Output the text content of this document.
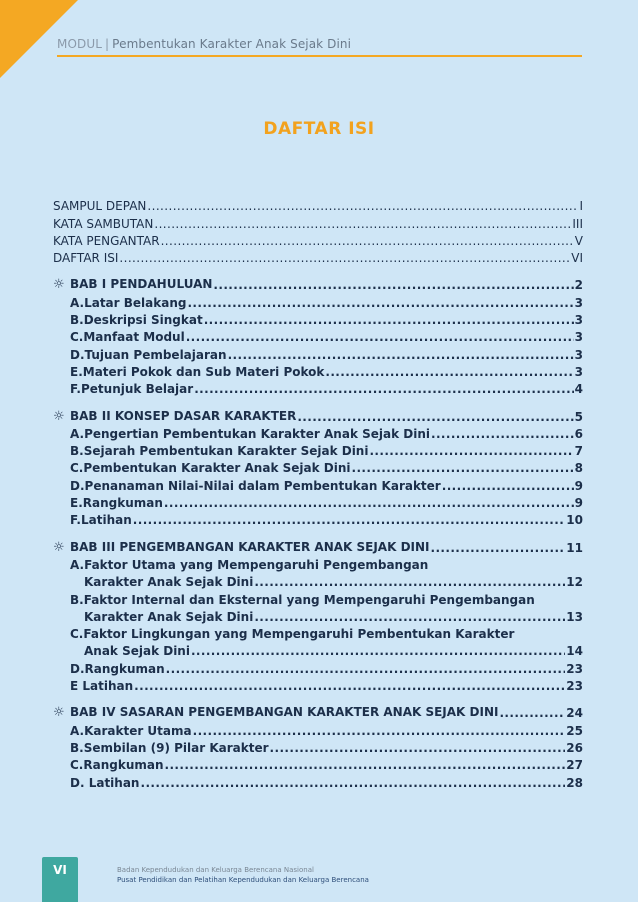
MODUL | Pembentukan Karakter Anak Sejak Dini
DAFTAR ISI
SAMPUL DEPAN .....	I
KATA SAMBUTAN .....	III
KATA PENGANTAR .....	V
DAFTAR ISI .....	VI
☼ BAB I PENDAHULUAN .....	2
A.Latar Belakang .....	3
B.Deskripsi Singkat .....	3
C.Manfaat Modul .....	3
D.Tujuan Pembelajaran .....	3
E.Materi Pokok dan Sub Materi Pokok .....	3
F.Petunjuk Belajar .....	4
☼ BAB II KONSEP DASAR KARAKTER .....	5
A.Pengertian Pembentukan Karakter Anak Sejak Dini .....	6
B.Sejarah Pembentukan Karakter Sejak Dini .....	7
C.Pembentukan Karakter Anak Sejak Dini .....	8
D.Penanaman Nilai-Nilai dalam Pembentukan Karakter .....	9
E.Rangkuman .....	9
F.Latihan .....	10
☼ BAB III PENGEMBANGAN KARAKTER ANAK SEJAK DINI .....	11
A.Faktor Utama yang Mempengaruhi Pengembangan
Karakter Anak Sejak Dini .....	12
B.Faktor Internal dan Eksternal yang Mempengaruhi Pengembangan
Karakter Anak Sejak Dini .....	13
C.Faktor Lingkungan yang Mempengaruhi Pembentukan Karakter
Anak Sejak Dini .....	14
D.Rangkuman .....	23
E Latihan .....	23
☼ BAB IV SASARAN PENGEMBANGAN KARAKTER ANAK SEJAK DINI .....	24
A.Karakter Utama .....	25
B.Sembilan (9) Pilar Karakter .....	26
C.Rangkuman .....	27
D. Latihan .....	28
VI	Badan Kependudukan dan Keluarga Berencana Nasional
Pusat Pendidikan dan Pelatihan Kependudukan dan Keluarga Berencana
